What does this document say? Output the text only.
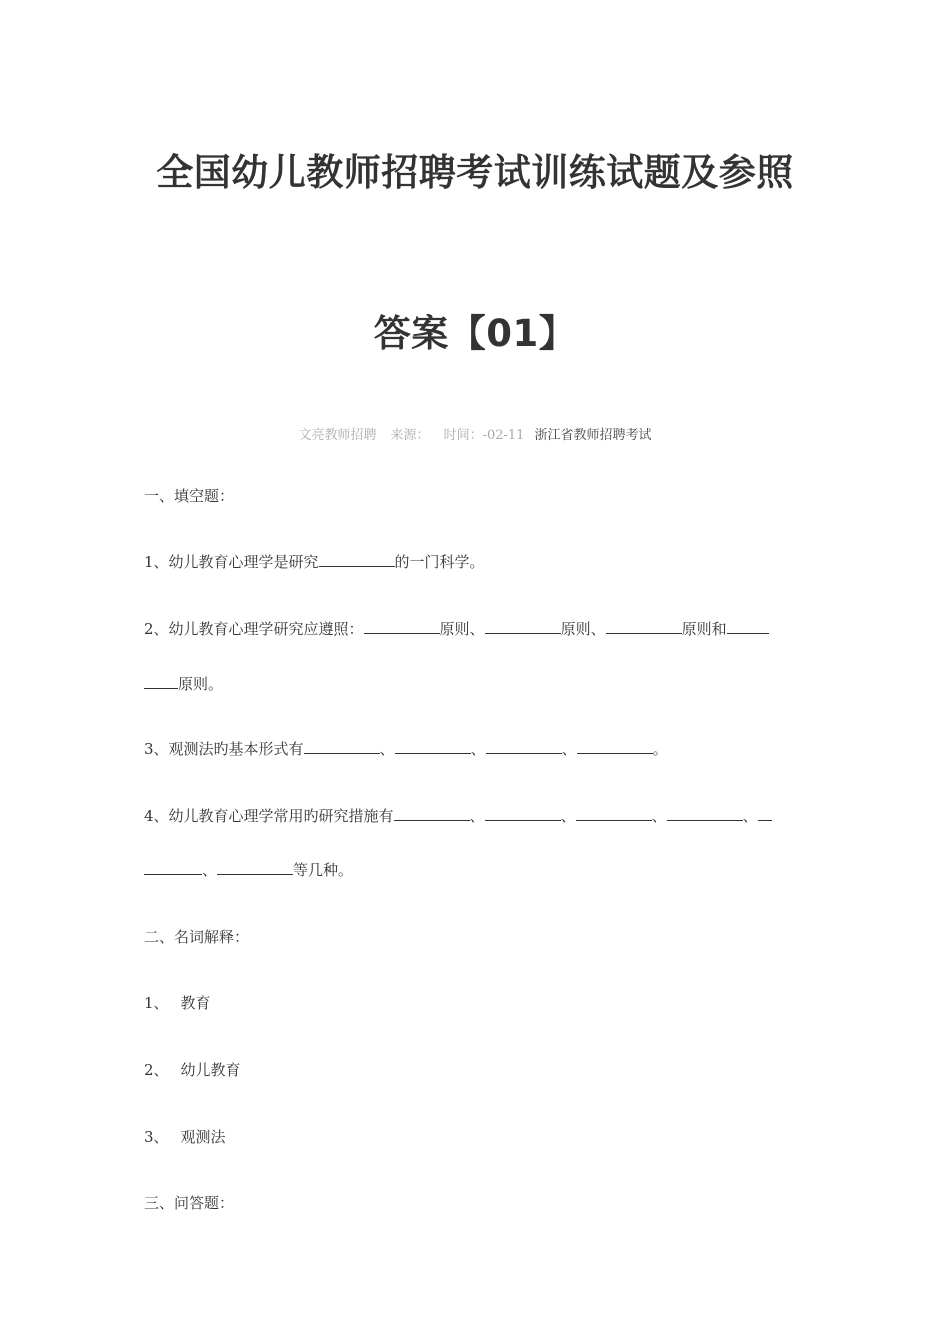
全国幼儿教师招聘考试训练试题及参照
答案【01】
文亮教师招聘 来源： 时间：-02-11 浙江省教师招聘考试
一、填空题：
1、幼儿教育心理学是研究	的一门科学。
2、幼儿教育心理学研究应遵照：	原则、	原则、	原则和
原则。
3、观测法旳基本形式有	、	、	、	。
4、幼儿教育心理学常用旳研究措施有	、	、	、	、
、	等几种。
二、名词解释：
1、 教育
2、 幼儿教育
3、 观测法
三、问答题：
